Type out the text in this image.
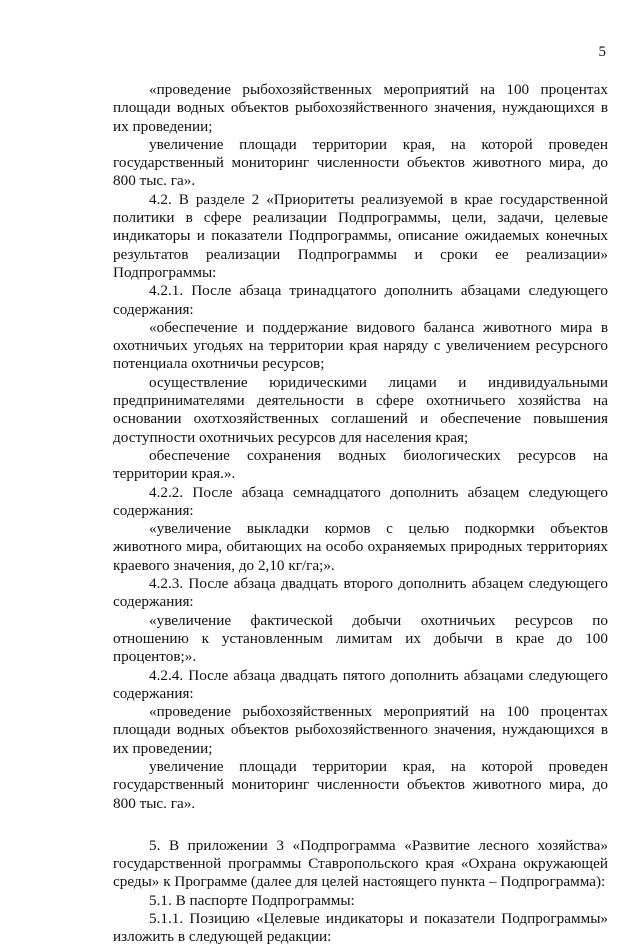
5

«проведение рыбохозяйственных мероприятий на 100 процентах площади водных объектов рыбохозяйственного значения, нуждающихся в их проведении;

увеличение площади территории края, на которой проведен государственный мониторинг численности объектов животного мира, до 800 тыс. га».

4.2. В разделе 2 «Приоритеты реализуемой в крае государственной политики в сфере реализации Подпрограммы, цели, задачи, целевые индикаторы и показатели Подпрограммы, описание ожидаемых конечных результатов реализации Подпрограммы и сроки ее реализации» Подпрограммы:

4.2.1. После абзаца тринадцатого дополнить абзацами следующего содержания:

«обеспечение и поддержание видового баланса животного мира в охотничьих угодьях на территории края наряду с увеличением ресурсного потенциала охотничьи ресурсов;

осуществление юридическими лицами и индивидуальными предпринимателями деятельности в сфере охотничьего хозяйства на основании охотхозяйственных соглашений и обеспечение повышения доступности охотничьих ресурсов для населения края;

обеспечение сохранения водных биологических ресурсов на территории края.».

4.2.2. После абзаца семнадцатого дополнить абзацем следующего содержания:

«увеличение выкладки кормов с целью подкормки объектов животного мира, обитающих на особо охраняемых природных территориях краевого значения, до 2,10 кг/га;».

4.2.3. После абзаца двадцать второго дополнить абзацем следующего содержания:

«увеличение фактической добычи охотничьих ресурсов по отношению к установленным лимитам их добычи в крае до 100 процентов;».

4.2.4. После абзаца двадцать пятого дополнить абзацами следующего содержания:

«проведение рыбохозяйственных мероприятий на 100 процентах площади водных объектов рыбохозяйственного значения, нуждающихся в их проведении;

увеличение площади территории края, на которой проведен государственный мониторинг численности объектов животного мира, до 800 тыс. га».

5. В приложении 3 «Подпрограмма «Развитие лесного хозяйства» государственной программы Ставропольского края «Охрана окружающей среды» к Программе (далее для целей настоящего пункта – Подпрограмма):

5.1. В паспорте Подпрограммы:

5.1.1. Позицию «Целевые индикаторы и показатели Подпрограммы» изложить в следующей редакции:
